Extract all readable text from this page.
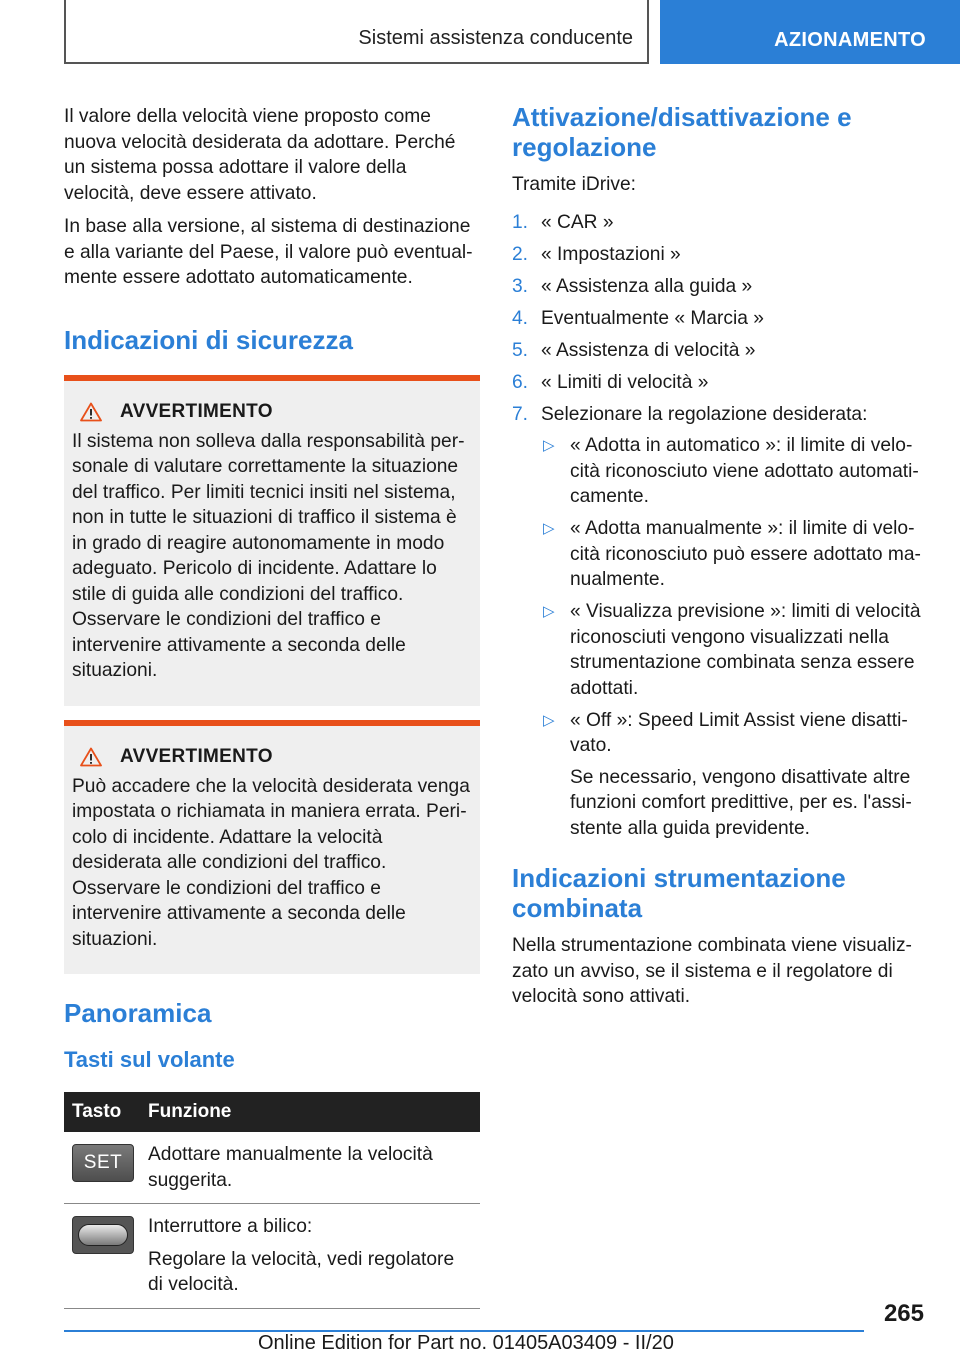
Sistemi assistenza conducente	AZIONAMENTO

Il valore della velocità viene proposto come nuova velocità desiderata da adottare. Perché un sistema possa adottare il valore della velocità, deve essere attivato.

In base alla versione, al sistema di destinazione e alla variante del Paese, il valore può eventualmente essere adottato automaticamente.

Indicazioni di sicurezza
AVVERTIMENTO

Il sistema non solleva dalla responsabilità personale di valutare correttamente la situazione del traffico. Per limiti tecnici insiti nel sistema, non in tutte le situazioni di traffico il sistema è in grado di reagire autonomamente in modo adeguato. Pericolo di incidente. Adattare lo stile di guida alle condizioni del traffico. Osservare le condizioni del traffico e intervenire attivamente a seconda delle situazioni.

AVVERTIMENTO

Può accadere che la velocità desiderata venga impostata o richiamata in maniera errata. Pericolo di incidente. Adattare la velocità desiderata alle condizioni del traffico. Osservare le condizioni del traffico e intervenire attivamente a seconda delle situazioni.

Panoramica
Tasti sul volante
Tasto	Funzione

SET	Adottare manualmente la velocità suggerita.

	Interruttore a bilico:

Regolare la velocità, vedi regolatore di velocità.

Attivazione/disattivazione e regolazione

Tramite iDrive:

1. « CAR »
2. « Impostazioni »
3. « Assistenza alla guida »
4. Eventualmente « Marcia »
5. « Assistenza di velocità »
6. « Limiti di velocità »
7. Selezionare la regolazione desiderata:
▷ « Adotta in automatico »: il limite di velocità riconosciuto viene adottato automaticamente.

▷ « Adotta manualmente »: il limite di velocità riconosciuto può essere adottato manualmente.

▷ « Visualizza previsione »: limiti di velocità riconosciuti vengono visualizzati nella strumentazione combinata senza essere adottati.

▷ « Off »: Speed Limit Assist viene disattivato.

Se necessario, vengono disattivate altre funzioni comfort predittive, per es. l'assistente alla guida previdente.

Indicazioni strumentazione combinata

Nella strumentazione combinata viene visualizzato un avviso, se il sistema e il regolatore di velocità sono attivati.

265
Online Edition for Part no. 01405A03409 - II/20
